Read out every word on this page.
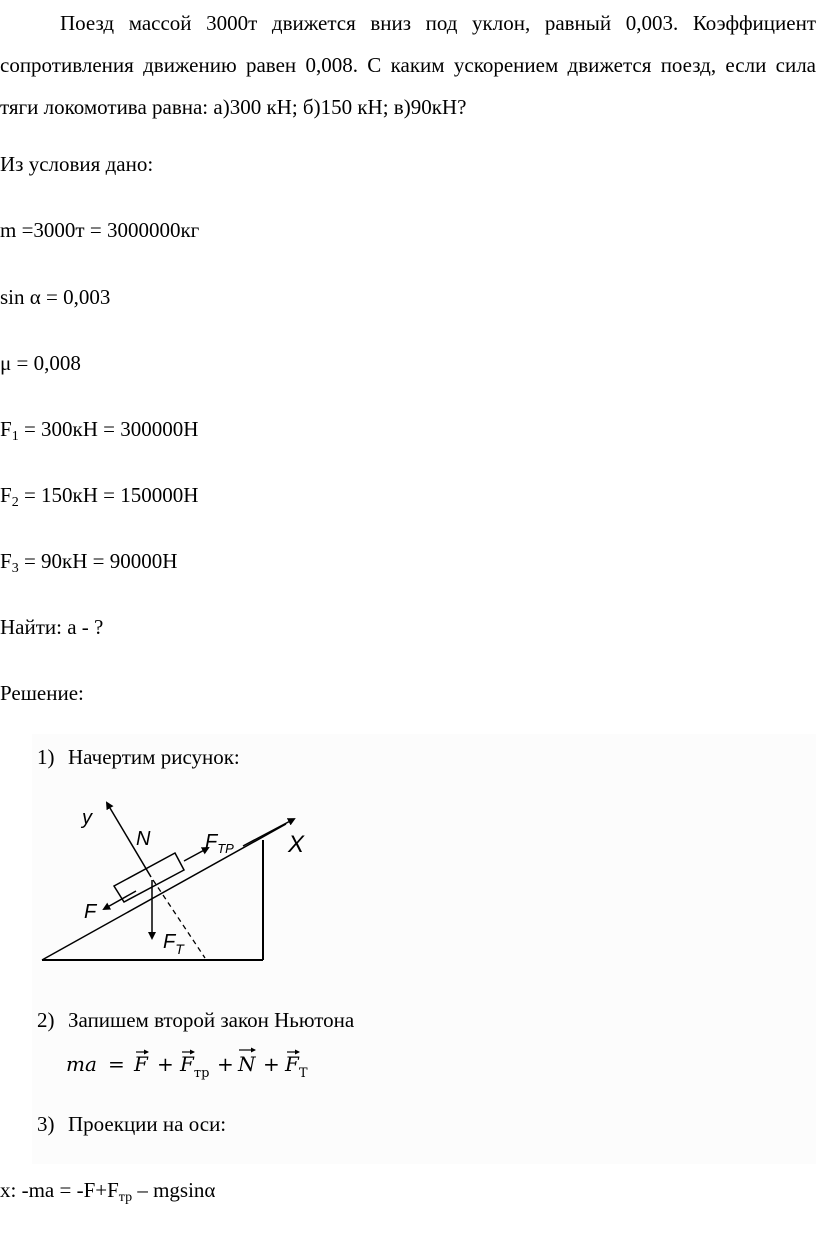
Поезд массой 3000т движется вниз под уклон, равный 0,003. Коэффициент сопротивления движению равен 0,008. С каким ускорением движется поезд, если сила тяги локомотива равна: а)300 кН; б)150 кН; в)90кН?
Из условия дано:
m =3000т = 3000000кг
sin α = 0,003
μ = 0,008
$F_1 = 300кН = 300000Н$
$F_2 = 150кН = 150000Н$
$F_3 = 90кН = 90000Н$
Найти: a - ?
Решение:
1) Начертим рисунок:
y
N	$F_{ТР}$ X
F
$F_T$
2) Запишем второй закон Ньютона
ma = $F + F_{тр} + N + F_Т$
3) Проекции на оси:
x: $-ma = -F+F_{тр} - mgsin\alpha$
